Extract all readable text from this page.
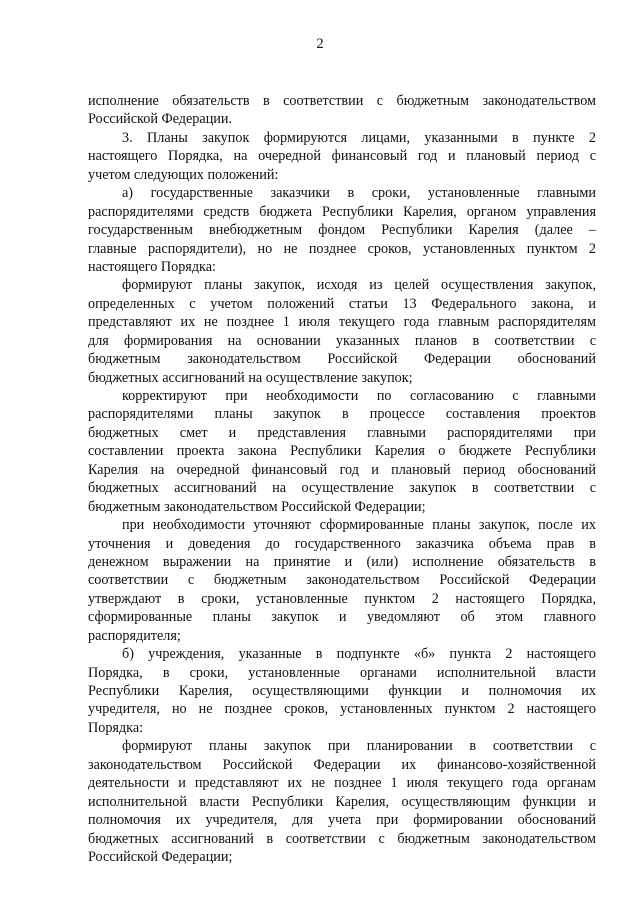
2
исполнение обязательств в соответствии с бюджетным законодательством
Российской Федерации.
3. Планы закупок формируются лицами, указанными в пункте 2
настоящего Порядка, на очередной финансовый год и плановый период с
учетом следующих положений:
а) государственные заказчики в сроки, установленные главными
распорядителями средств бюджета Республики Карелия, органом управления
государственным внебюджетным фондом Республики Карелия (далее –
главные распорядители), но не позднее сроков, установленных пунктом 2
настоящего Порядка:
формируют планы закупок, исходя из целей осуществления закупок,
определенных с учетом положений статьи 13 Федерального закона, и
представляют их не позднее 1 июля текущего года главным распорядителям
для формирования на основании указанных планов в соответствии с
бюджетным законодательством Российской Федерации обоснований
бюджетных ассигнований на осуществление закупок;
корректируют при необходимости по согласованию с главными
распорядителями планы закупок в процессе составления проектов
бюджетных смет и представления главными распорядителями при
составлении проекта закона Республики Карелия о бюджете Республики
Карелия на очередной финансовый год и плановый период обоснований
бюджетных ассигнований на осуществление закупок в соответствии с
бюджетным законодательством Российской Федерации;
при необходимости уточняют сформированные планы закупок, после их
уточнения и доведения до государственного заказчика объема прав в
денежном выражении на принятие и (или) исполнение обязательств в
соответствии с бюджетным законодательством Российской Федерации
утверждают в сроки, установленные пунктом 2 настоящего Порядка,
сформированные планы закупок и уведомляют об этом главного
распорядителя;
б) учреждения, указанные в подпункте «б» пункта 2 настоящего
Порядка, в сроки, установленные органами исполнительной власти
Республики Карелия, осуществляющими функции и полномочия их
учредителя, но не позднее сроков, установленных пунктом 2 настоящего
Порядка:
формируют планы закупок при планировании в соответствии с
законодательством Российской Федерации их финансово-хозяйственной
деятельности и представляют их не позднее 1 июля текущего года органам
исполнительной власти Республики Карелия, осуществляющим функции и
полномочия их учредителя, для учета при формировании обоснований
бюджетных ассигнований в соответствии с бюджетным законодательством
Российской Федерации;
